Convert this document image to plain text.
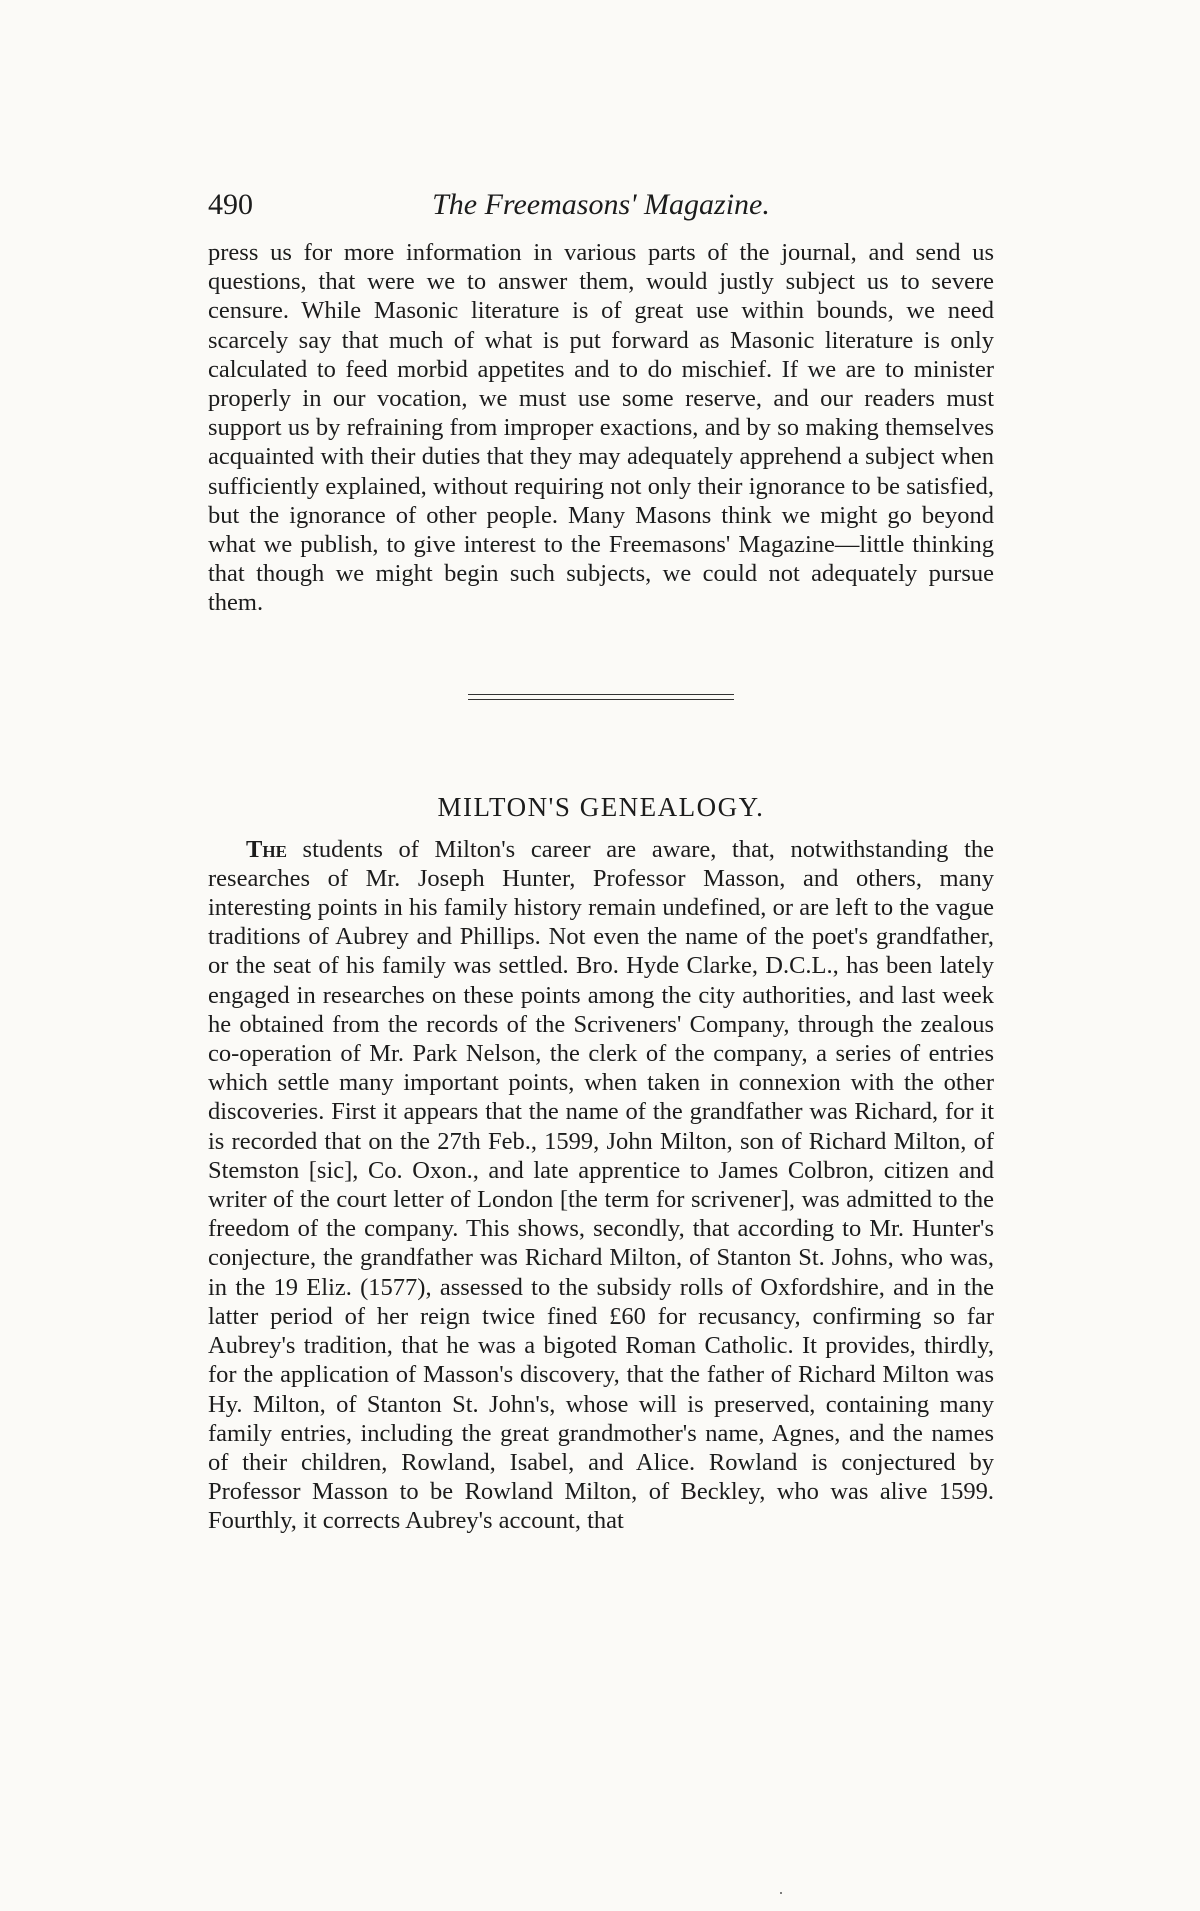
490	The Freemasons' Magazine.

press us for more information in various parts of the journal, and send us questions, that were we to answer them, would justly subject us to severe censure. While Masonic literature is of great use within bounds, we need scarcely say that much of what is put forward as Masonic literature is only calculated to feed morbid appetites and to do mischief. If we are to minister properly in our vocation, we must use some reserve, and our readers must support us by refraining from improper exactions, and by so making themselves acquainted with their duties that they may adequately apprehend a subject when sufficiently explained, without requiring not only their ignorance to be satisfied, but the ignorance of other people. Many Masons think we might go beyond what we publish, to give interest to the Freemasons' Magazine—little thinking that though we might begin such subjects, we could not adequately pursue them.

MILTON'S GENEALOGY.

The students of Milton's career are aware, that, notwithstanding the researches of Mr. Joseph Hunter, Professor Masson, and others, many interesting points in his family history remain undefined, or are left to the vague traditions of Aubrey and Phillips. Not even the name of the poet's grandfather, or the seat of his family was settled. Bro. Hyde Clarke, D.C.L., has been lately engaged in researches on these points among the city authorities, and last week he obtained from the records of the Scriveners' Company, through the zealous co-operation of Mr. Park Nelson, the clerk of the company, a series of entries which settle many important points, when taken in connexion with the other discoveries. First it appears that the name of the grandfather was Richard, for it is recorded that on the 27th Feb., 1599, John Milton, son of Richard Milton, of Stemston [sic], Co. Oxon., and late apprentice to James Colbron, citizen and writer of the court letter of London [the term for scrivener], was admitted to the freedom of the company. This shows, secondly, that according to Mr. Hunter's conjecture, the grandfather was Richard Milton, of Stanton St. Johns, who was, in the 19 Eliz. (1577), assessed to the subsidy rolls of Oxfordshire, and in the latter period of her reign twice fined £60 for recusancy, confirming so far Aubrey's tradition, that he was a bigoted Roman Catholic. It provides, thirdly, for the application of Masson's discovery, that the father of Richard Milton was Hy. Milton, of Stanton St. John's, whose will is preserved, containing many family entries, including the great grandmother's name, Agnes, and the names of their children, Rowland, Isabel, and Alice. Rowland is conjectured by Professor Masson to be Rowland Milton, of Beckley, who was alive 1599. Fourthly, it corrects Aubrey's account, that
